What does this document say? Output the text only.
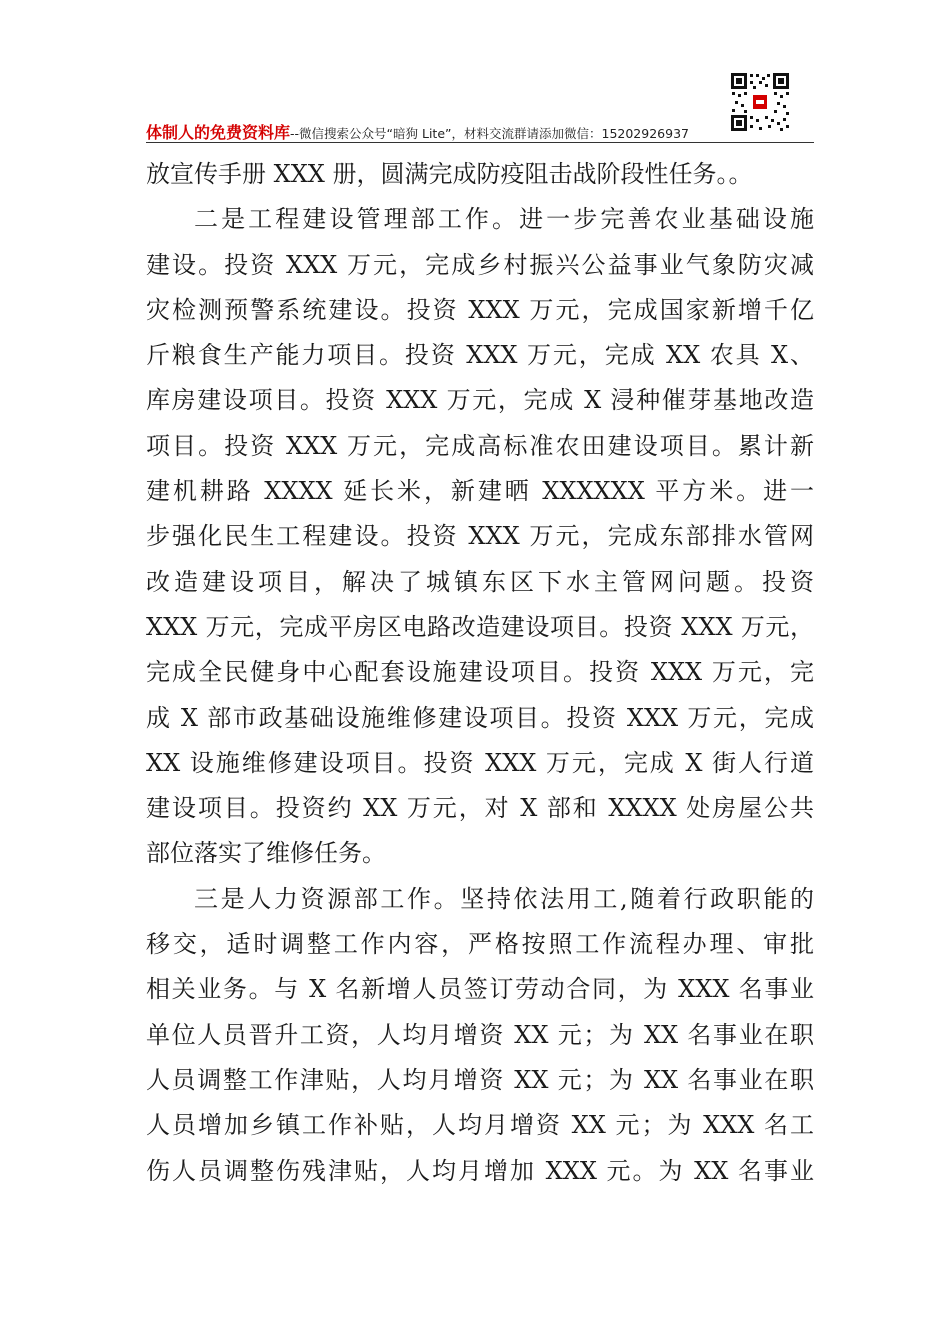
体制人的免费资料库--微信搜索公众号“暗狗 Lite”，材料交流群请添加微信：15202926937
放宣传手册 XXX 册，圆满完成防疫阻击战阶段性任务。。
二是工程建设管理部工作。进一步完善农业基础设施
建设。投资 XXX 万元，完成乡村振兴公益事业气象防灾减
灾检测预警系统建设。投资 XXX 万元，完成国家新增千亿
斤粮食生产能力项目。投资 XXX 万元，完成 XX 农具 X、
库房建设项目。投资 XXX 万元，完成 X 浸种催芽基地改造
项目。投资 XXX 万元，完成高标准农田建设项目。累计新
建机耕路 XXXX 延长米，新建晒 XXXXXX 平方米。进一
步强化民生工程建设。投资 XXX 万元，完成东部排水管网
改造建设项目，解决了城镇东区下水主管网问题。投资
XXX 万元，完成平房区电路改造建设项目。投资 XXX 万元，
完成全民健身中心配套设施建设项目。投资 XXX 万元，完
成 X 部市政基础设施维修建设项目。投资 XXX 万元，完成
XX 设施维修建设项目。投资 XXX 万元，完成 X 街人行道
建设项目。投资约 XX 万元，对 X 部和 XXXX 处房屋公共
部位落实了维修任务。
三是人力资源部工作。坚持依法用工,随着行政职能的
移交，适时调整工作内容，严格按照工作流程办理、审批
相关业务。与 X 名新增人员签订劳动合同，为 XXX 名事业
单位人员晋升工资，人均月增资 XX 元；为 XX 名事业在职
人员调整工作津贴，人均月增资 XX 元；为 XX 名事业在职
人员增加乡镇工作补贴，人均月增资 XX 元；为 XXX 名工
伤人员调整伤残津贴，人均月增加 XXX 元。为 XX 名事业
